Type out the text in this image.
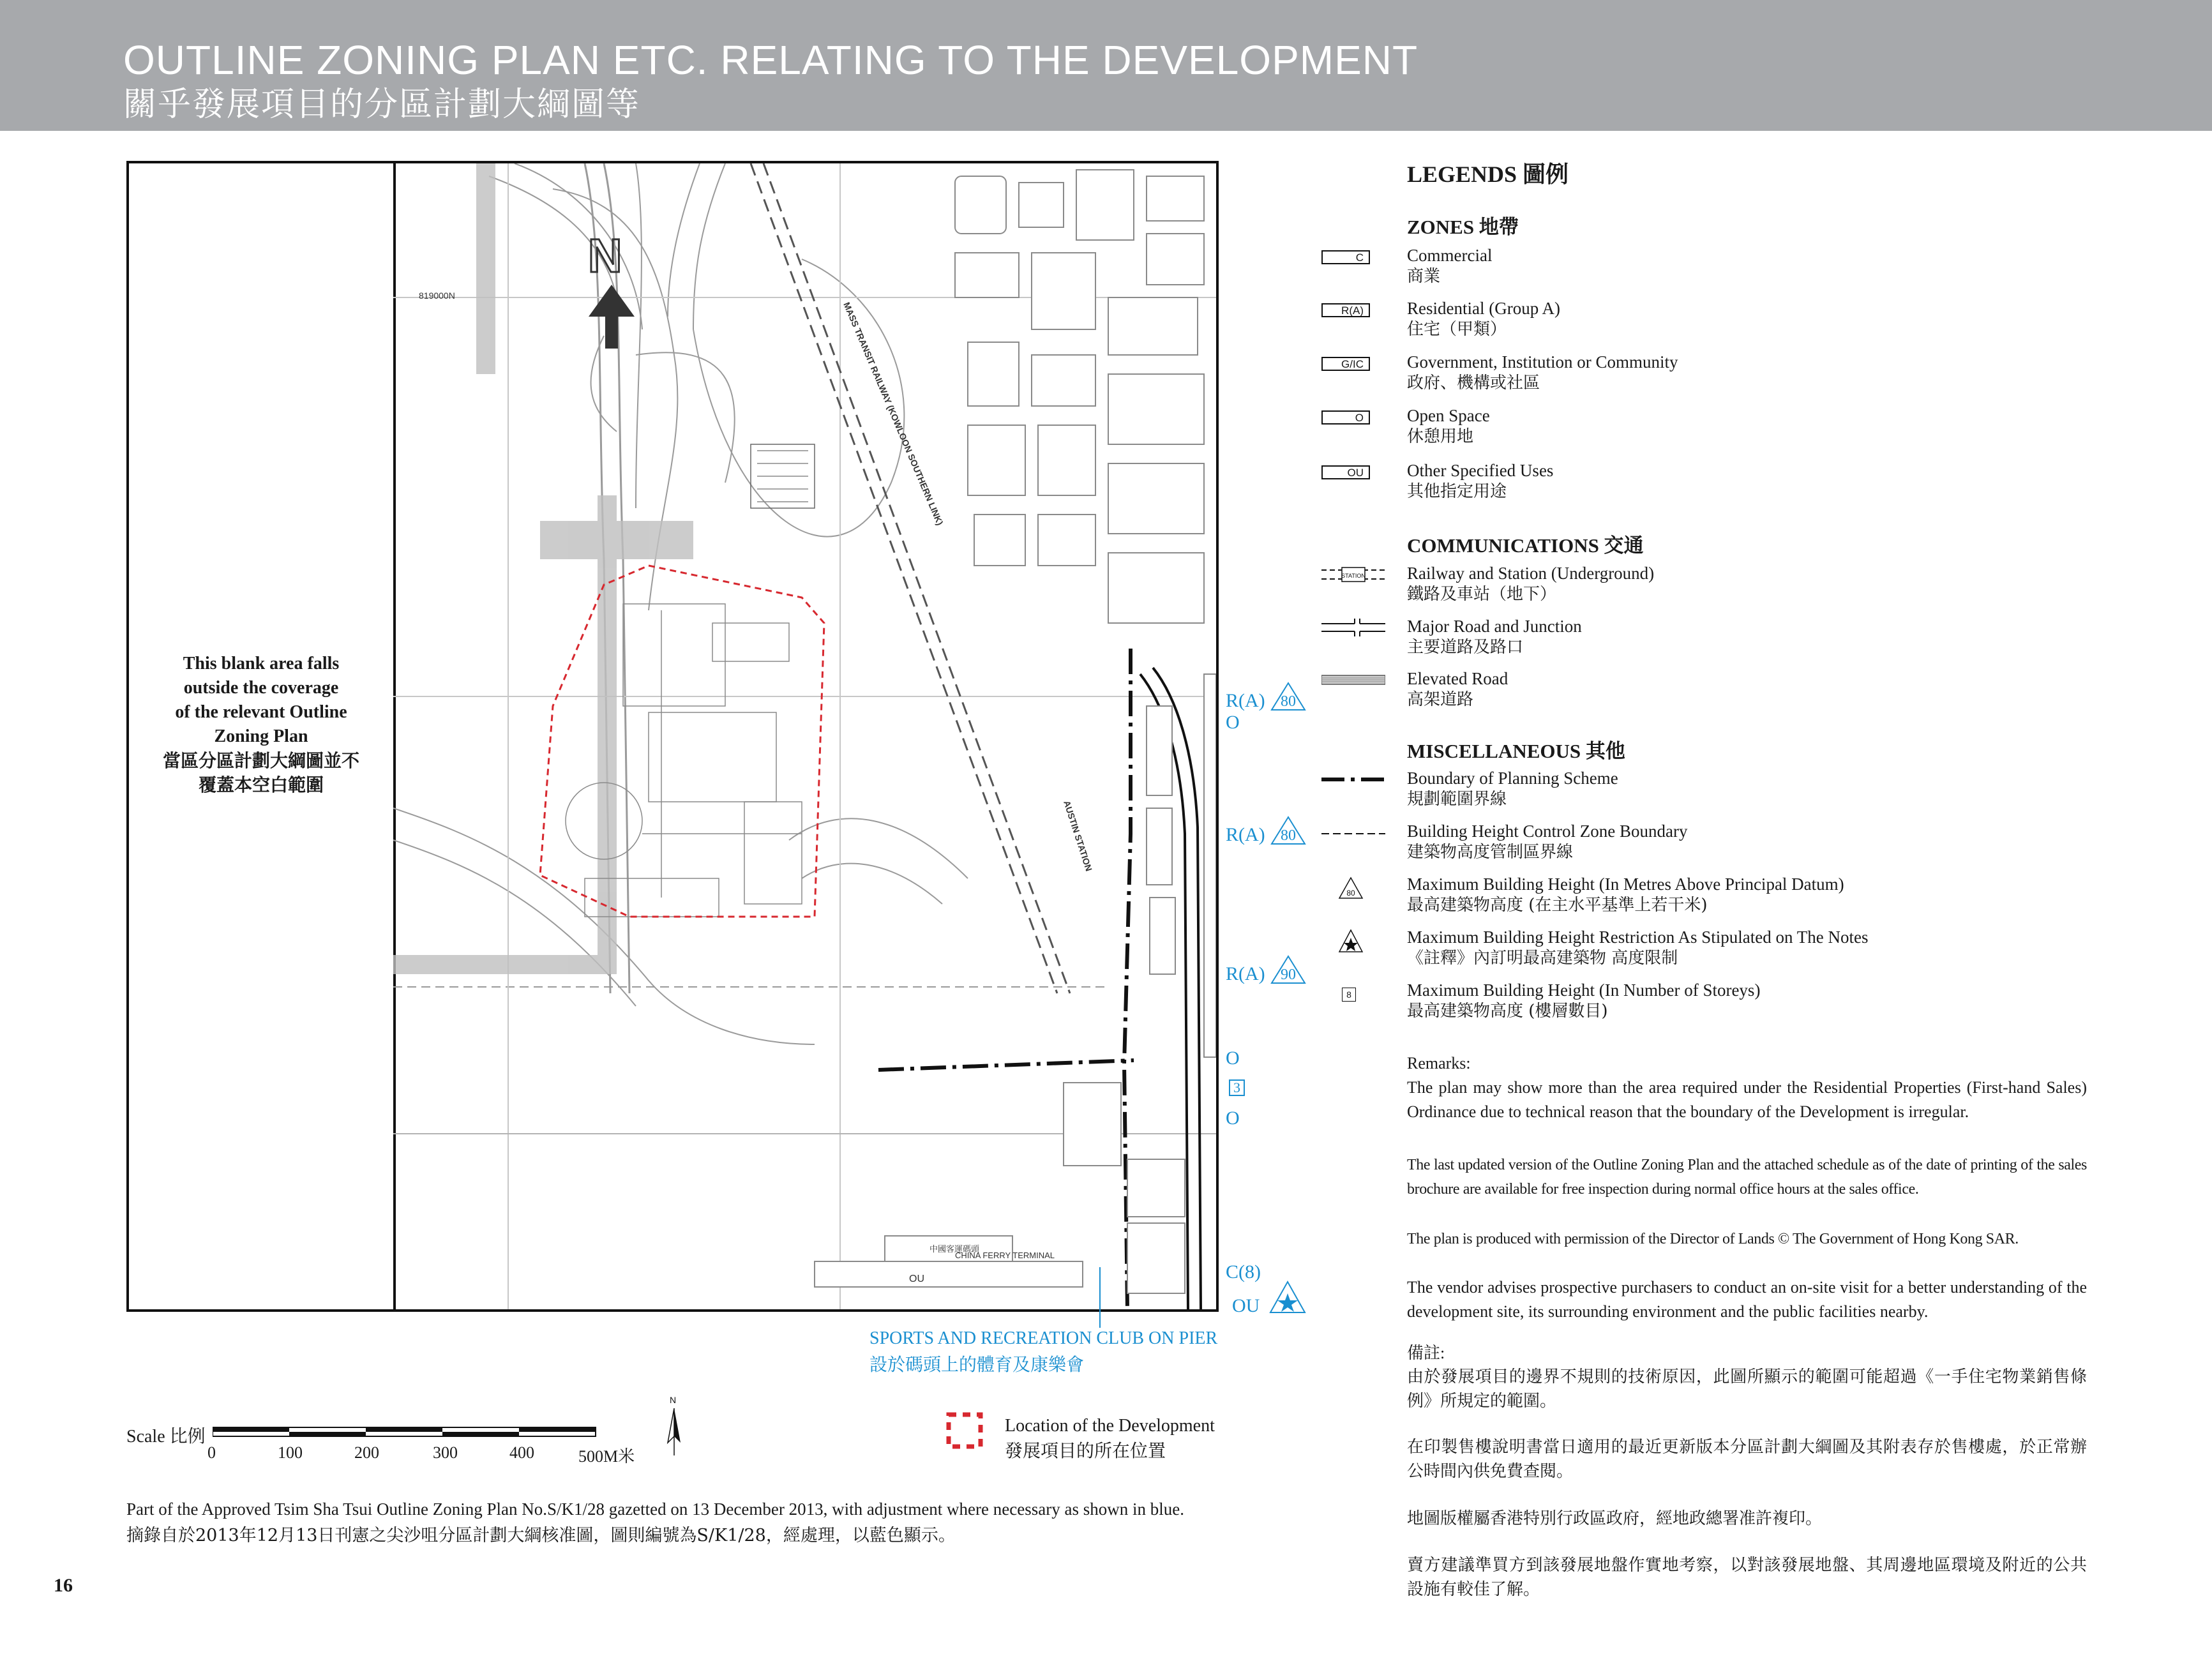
OUTLINE ZONING PLAN ETC. RELATING TO THE DEVELOPMENT
關乎發展項目的分區計劃大綱圖等
This blank area falls
outside the coverage
of the relevant Outline
Zoning Plan
當區分區計劃大綱圖並不
覆蓋本空白範圍
N
819000N
MASS TRANSIT RAILWAY (KOWLOON SOUTHERN LINK)
AUSTIN STATION
CHINA FERRY TERMINAL
中國客運碼頭
OU
R(A) 80
O
R(A) 80
R(A) 90
O
3
O
C(8)
OU
SPORTS AND RECREATION CLUB ON PIER
設於碼頭上的體育及康樂會
Scale 比例
0	100	200	300	400	500M米
N
Location of the Development
發展項目的所在位置
Part of the Approved Tsim Sha Tsui Outline Zoning Plan No.S/K1/28 gazetted on 13 December 2013, with adjustment where necessary as shown in blue.
摘錄自於2013年12月13日刊憲之尖沙咀分區計劃大綱核准圖，圖則編號為S/K1/28，經處理，以藍色顯示。
16
LEGENDS 圖例
ZONES 地帶
C	Commercial
商業
R(A)	Residential (Group A)
住宅（甲類）
G/IC	Government, Institution or Community
政府、機構或社區
O	Open Space
休憩用地
OU	Other Specified Uses
其他指定用途
COMMUNICATIONS 交通
STATION Railway and Station (Underground)
鐵路及車站（地下）
Major Road and Junction
主要道路及路口
Elevated Road
高架道路
MISCELLANEOUS 其他
Boundary of Planning Scheme
規劃範圍界線
Building Height Control Zone Boundary
建築物高度管制區界線
80	Maximum Building Height (In Metres Above Principal Datum)
最高建築物高度 (在主水平基準上若干米)
Maximum Building Height Restriction As Stipulated on The Notes
《註釋》內訂明最高建築物 高度限制
8	Maximum Building Height (In Number of Storeys)
最高建築物高度 (樓層數目)
Remarks:
The plan may show more than the area required under the Residential Properties (First-hand Sales) Ordinance due to technical reason that the boundary of the Development is irregular.
The last updated version of the Outline Zoning Plan and the attached schedule as of the date of printing of the sales brochure are available for free inspection during normal office hours at the sales office.
The plan is produced with permission of the Director of Lands © The Government of Hong Kong SAR.
The vendor advises prospective purchasers to conduct an on-site visit for a better understanding of the development site, its surrounding environment and the public facilities nearby.
備註:
由於發展項目的邊界不規則的技術原因，此圖所顯示的範圍可能超過《一手住宅物業銷售條例》所規定的範圍。
在印製售樓說明書當日適用的最近更新版本分區計劃大綱圖及其附表存於售樓處，於正常辦公時間內供免費查閱。
地圖版權屬香港特別行政區政府，經地政總署准許複印。
賣方建議準買方到該發展地盤作實地考察，以對該發展地盤、其周邊地區環境及附近的公共設施有較佳了解。
